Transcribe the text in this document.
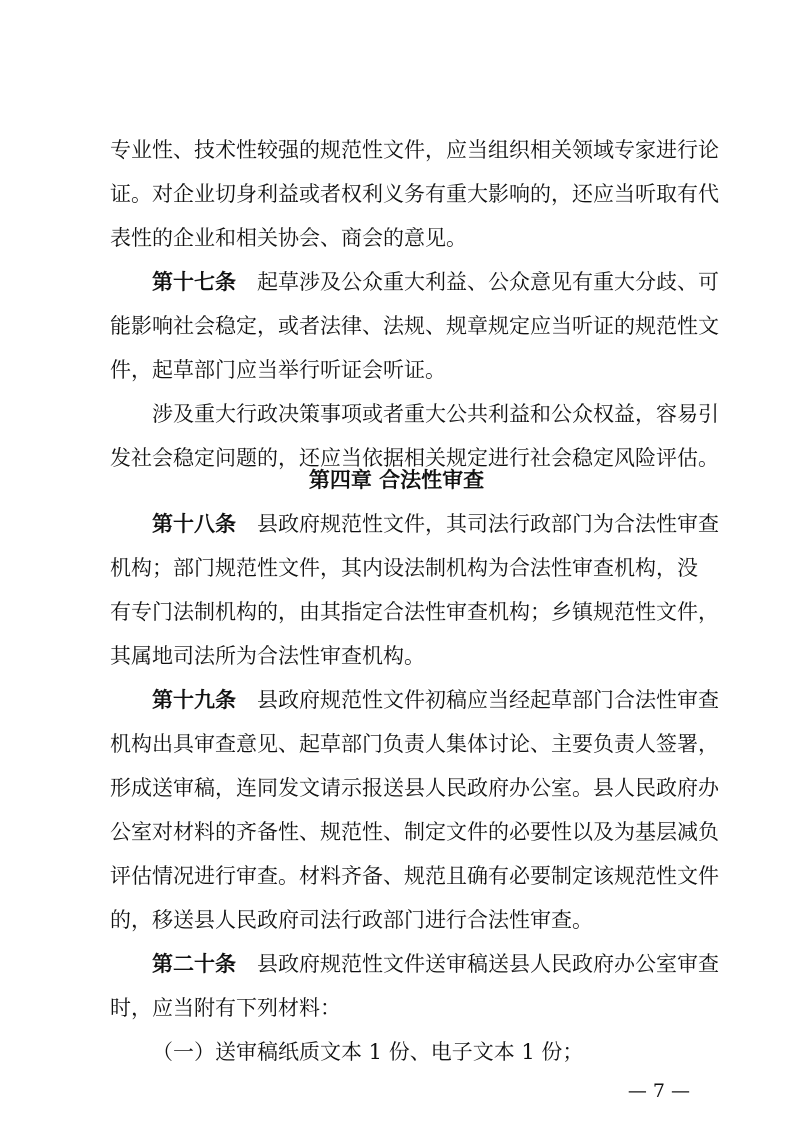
专业性、技术性较强的规范性文件，应当组织相关领域专家进行论
证。对企业切身利益或者权利义务有重大影响的，还应当听取有代
表性的企业和相关协会、商会的意见。
第十七条  起草涉及公众重大利益、公众意见有重大分歧、可
能影响社会稳定，或者法律、法规、规章规定应当听证的规范性文
件，起草部门应当举行听证会听证。
涉及重大行政决策事项或者重大公共利益和公众权益，容易引
发社会稳定问题的，还应当依据相关规定进行社会稳定风险评估。
第四章 合法性审查
第十八条  县政府规范性文件，其司法行政部门为合法性审查
机构；部门规范性文件，其内设法制机构为合法性审查机构，没
有专门法制机构的，由其指定合法性审查机构；乡镇规范性文件，
其属地司法所为合法性审查机构。
第十九条  县政府规范性文件初稿应当经起草部门合法性审查
机构出具审查意见、起草部门负责人集体讨论、主要负责人签署，
形成送审稿，连同发文请示报送县人民政府办公室。县人民政府办
公室对材料的齐备性、规范性、制定文件的必要性以及为基层减负
评估情况进行审查。材料齐备、规范且确有必要制定该规范性文件
的，移送县人民政府司法行政部门进行合法性审查。
第二十条  县政府规范性文件送审稿送县人民政府办公室审查
时，应当附有下列材料：
（一）送审稿纸质文本 1 份、电子文本 1 份；
— 7 —
